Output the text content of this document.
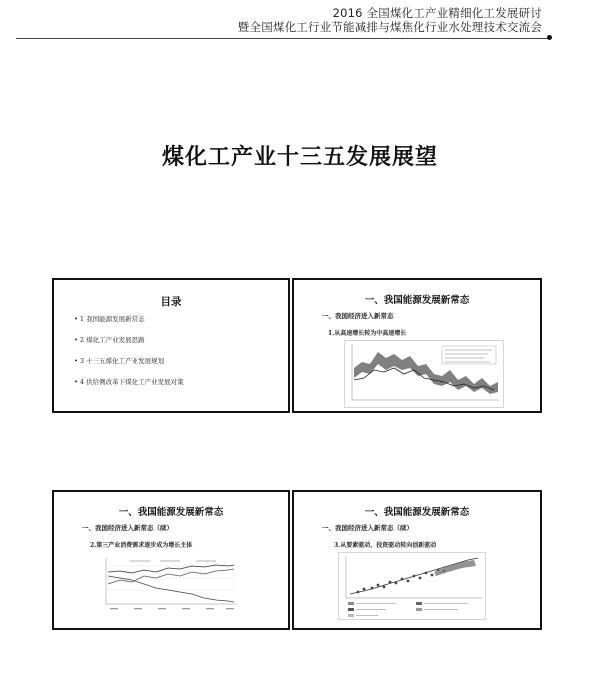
2016 全国煤化工产业精细化工发展研讨
暨全国煤化工行业节能减排与煤焦化行业水处理技术交流会
煤化工产业十三五发展展望
目录
• 1 我国能源发展新常态
• 2 煤化工产业发展思路
• 3 十三五煤化工产业发展规划
• 4 供给侧改革下煤化工产业发展对策
一、我国能源发展新常态
一、我国经济进入新常态
1.从高速增长转为中高速增长
一、我国能源发展新常态
一、我国经济进入新常态（续）
2.第三产业消费需求逐步成为增长主体
一、我国能源发展新常态
一、我国经济进入新常态（续）
3.从要素驱动、投资驱动转向创新驱动
